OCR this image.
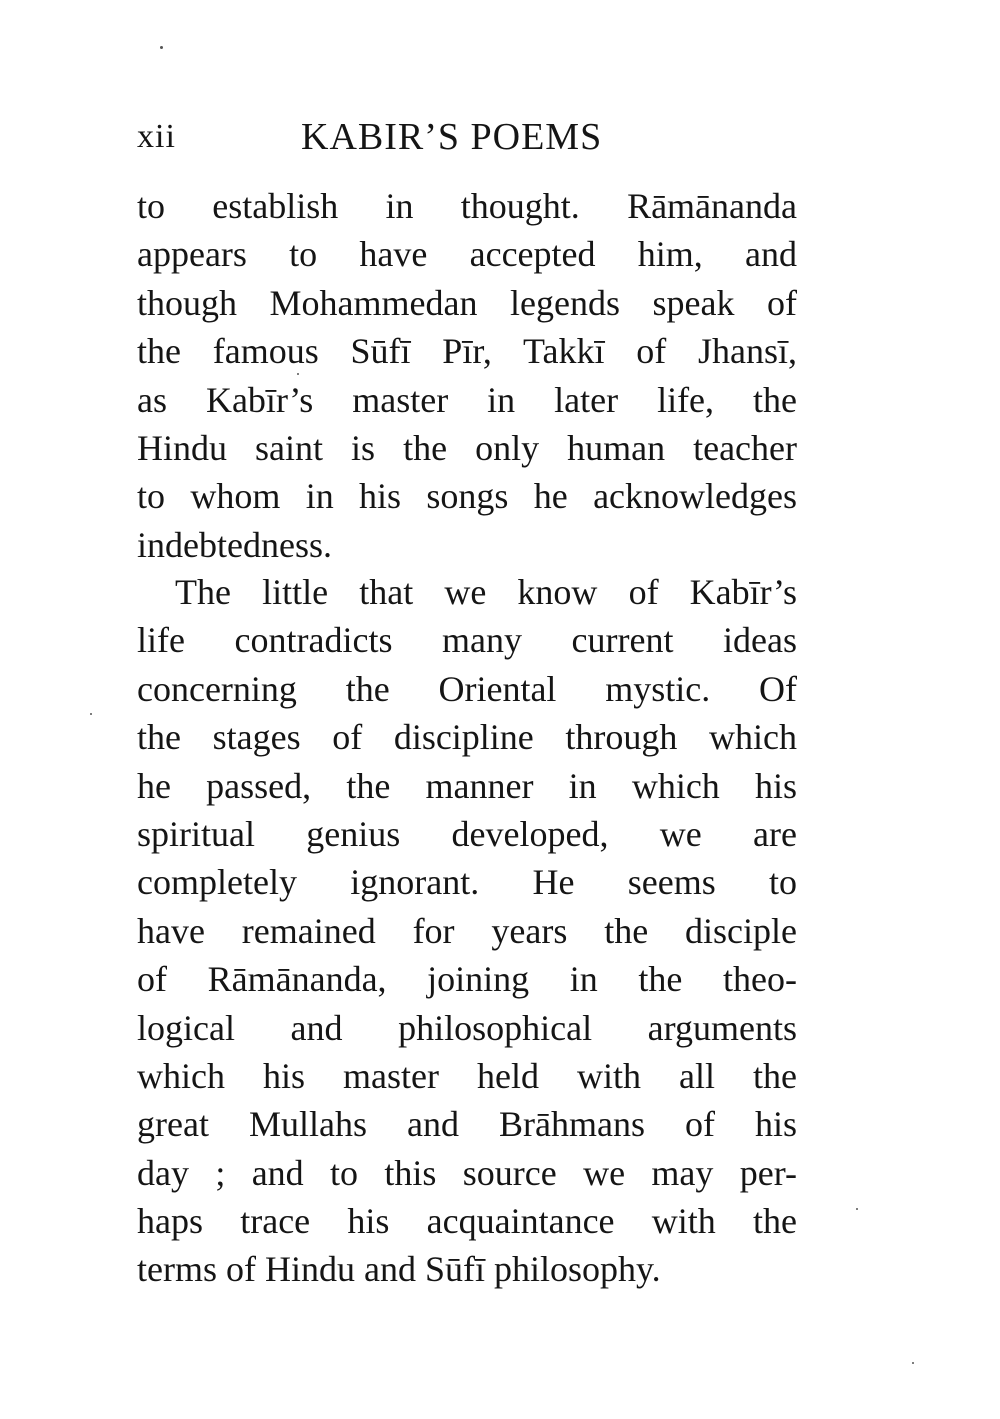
xii	KABIR’S POEMS
to establish in thought. Rāmānanda
appears to have accepted him, and
though Mohammedan legends speak of
the famous Sūfī Pīr, Takkī of Jhansī,
as Kabīr’s master in later life, the
Hindu saint is the only human teacher
to whom in his songs he acknowledges
indebtedness.
The little that we know of Kabīr’s
life contradicts many current ideas
concerning the Oriental mystic. Of
the stages of discipline through which
he passed, the manner in which his
spiritual genius developed, we are
completely ignorant. He seems to
have remained for years the disciple
of Rāmānanda, joining in the theo-
logical and philosophical arguments
which his master held with all the
great Mullahs and Brāhmans of his
day ; and to this source we may per-
haps trace his acquaintance with the
terms of Hindu and Sūfī philosophy.
